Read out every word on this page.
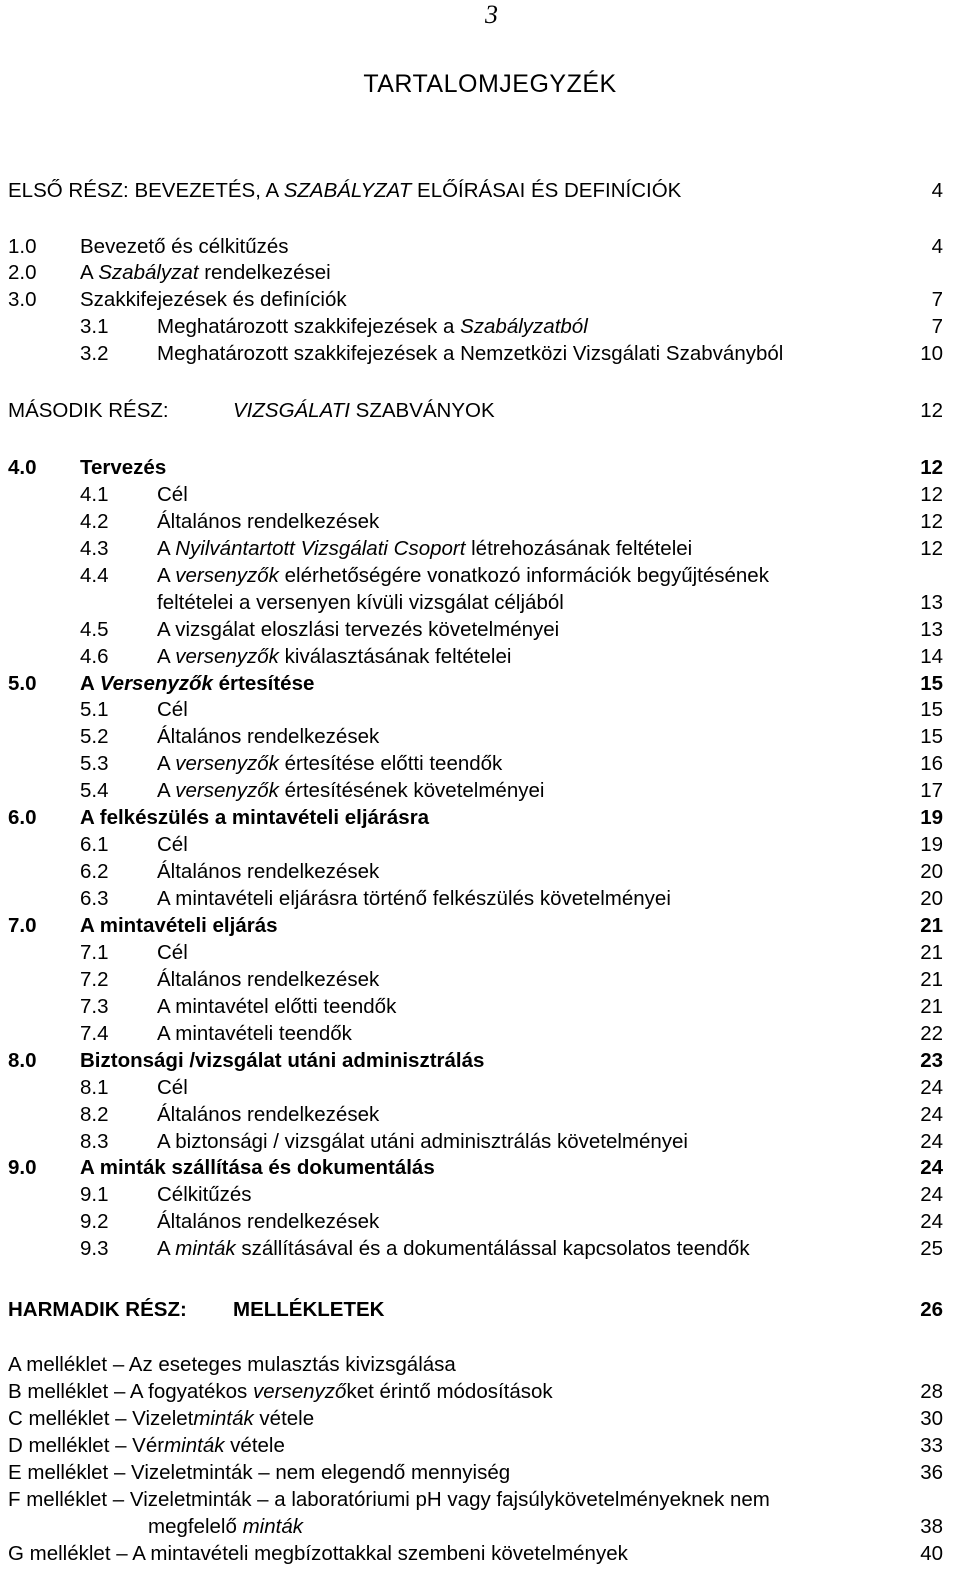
3
TARTALOMJEGYZÉK
ELSŐ RÉSZ: BEVEZETÉS, A SZABÁLYZAT ELŐÍRÁSAI ÉS DEFINÍCIÓK	4
1.0 Bevezető és célkitűzés	4
2.0 A Szabályzat rendelkezései
3.0 Szakkifejezések és definíciók	7
3.1 Meghatározott szakkifejezések a Szabályzatból	7
3.2 Meghatározott szakkifejezések a Nemzetközi Vizsgálati Szabványból	10
MÁSODIK RÉSZ:	VIZSGÁLATI SZABVÁNYOK	12
4.0 Tervezés	12
4.1 Cél	12
4.2 Általános rendelkezések	12
4.3 A Nyilvántartott Vizsgálati Csoport létrehozásának feltételei	12
4.4 A versenyzők elérhetőségére vonatkozó információk begyűjtésének
feltételei a versenyen kívüli vizsgálat céljából	13
4.5 A vizsgálat eloszlási tervezés követelményei	13
4.6 A versenyzők kiválasztásának feltételei	14
5.0 A Versenyzők értesítése	15
5.1 Cél	15
5.2 Általános rendelkezések	15
5.3 A versenyzők értesítése előtti teendők	16
5.4 A versenyzők értesítésének követelményei	17
6.0 A felkészülés a mintavételi eljárásra	19
6.1 Cél	19
6.2 Általános rendelkezések	20
6.3 A mintavételi eljárásra történő felkészülés követelményei	20
7.0 A mintavételi eljárás	21
7.1 Cél	21
7.2 Általános rendelkezések	21
7.3 A mintavétel előtti teendők	21
7.4 A mintavételi teendők	22
8.0 Biztonsági /vizsgálat utáni adminisztrálás	23
8.1 Cél	24
8.2 Általános rendelkezések	24
8.3 A biztonsági / vizsgálat utáni adminisztrálás követelményei	24
9.0 A minták szállítása és dokumentálás	24
9.1 Célkitűzés	24
9.2 Általános rendelkezések	24
9.3 A minták szállításával és a dokumentálással kapcsolatos teendők	25
HARMADIK RÉSZ: MELLÉKLETEK	26
A melléklet – Az eseteges mulasztás kivizsgálása
B melléklet – A fogyatékos versenyzőket érintő módosítások	28
C melléklet – Vizeletminták vétele	30
D melléklet – Vérminták vétele	33
E melléklet – Vizeletminták – nem elegendő mennyiség	36
F melléklet – Vizeletminták – a laboratóriumi pH vagy fajsúlykövetelményeknek nem
megfelelő minták	38
G melléklet – A mintavételi megbízottakkal szembeni követelmények	40
